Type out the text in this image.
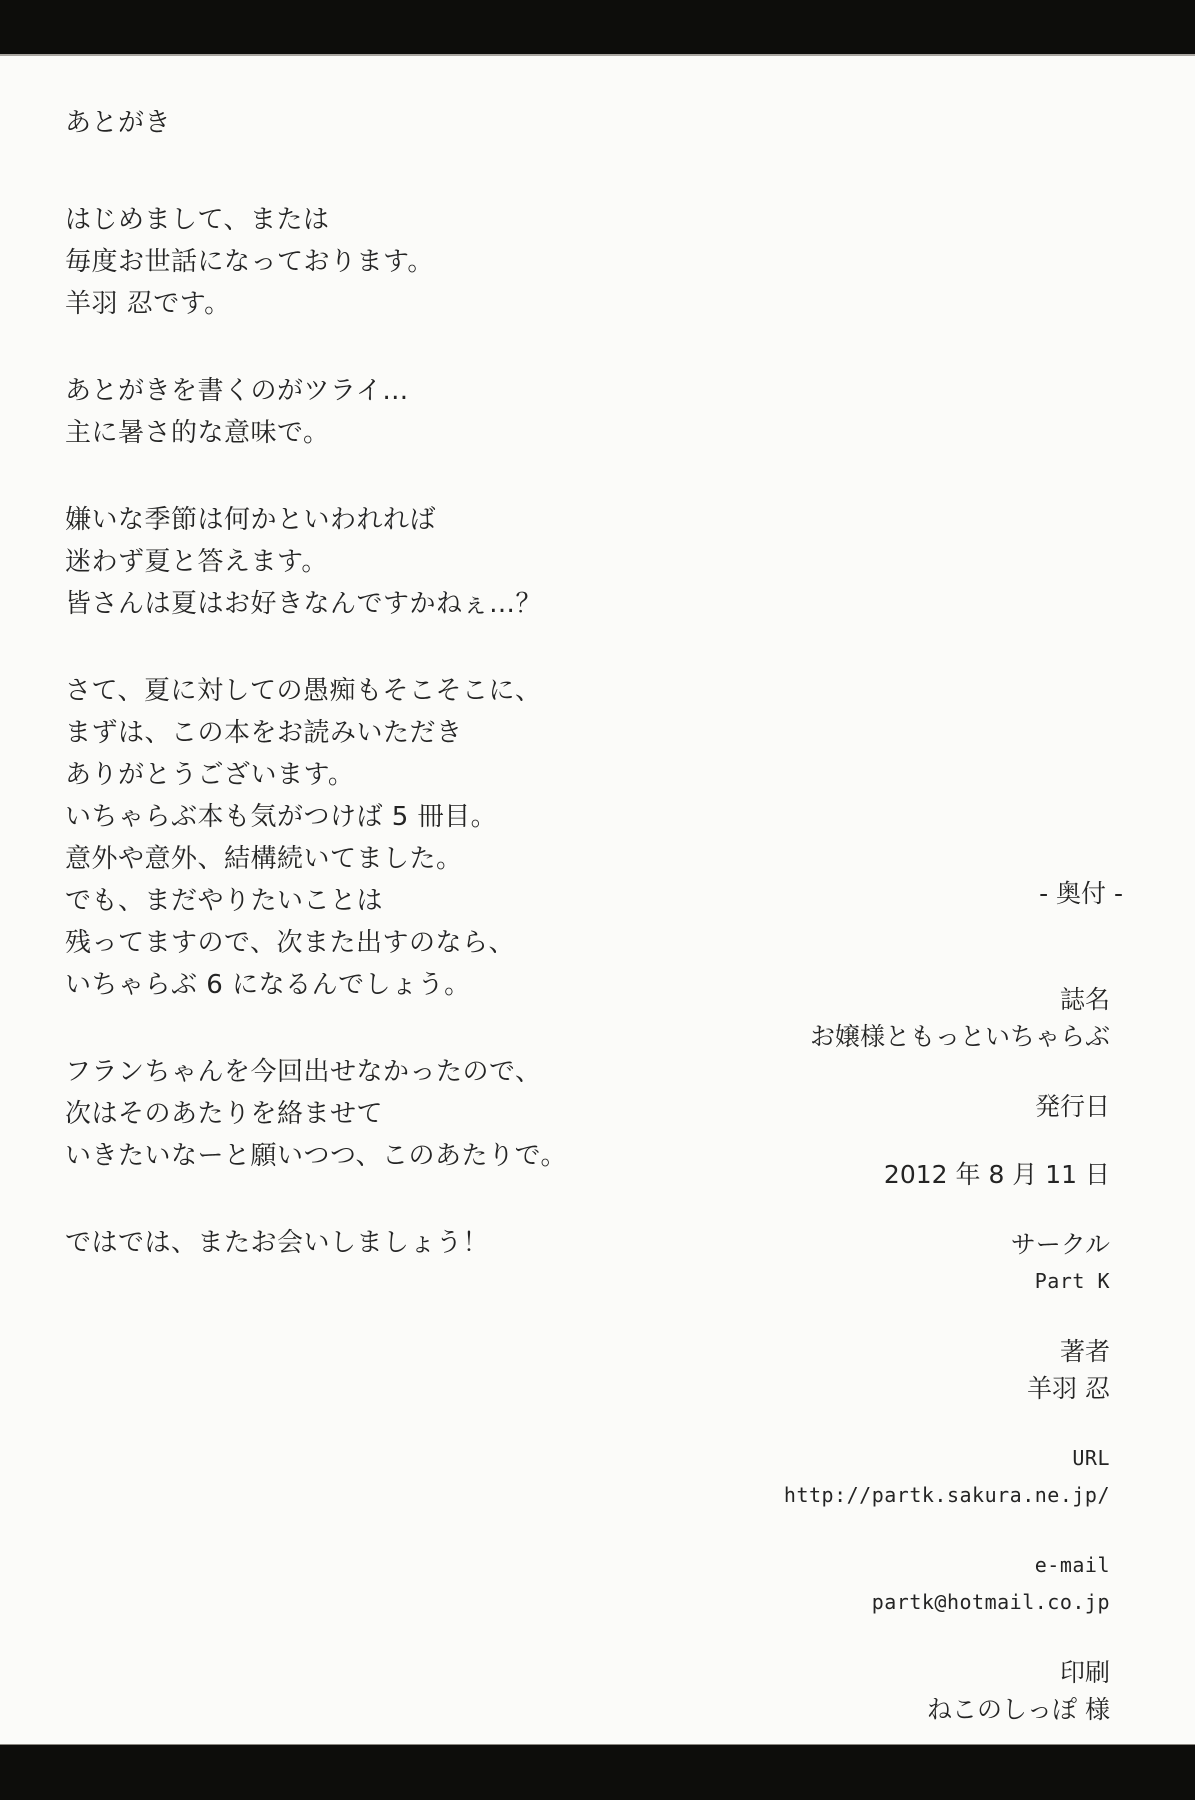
あとがき
はじめまして、または
毎度お世話になっております。
羊羽 忍です。
あとがきを書くのがツライ…
主に暑さ的な意味で。
嫌いな季節は何かといわれれば
迷わず夏と答えます。
皆さんは夏はお好きなんですかねぇ…？
さて、夏に対しての愚痴もそこそこに、
まずは、この本をお読みいただき
ありがとうございます。
いちゃらぶ本も気がつけば 5 冊目。
意外や意外、結構続いてました。
でも、まだやりたいことは
残ってますので、次また出すのなら、
いちゃらぶ 6 になるんでしょう。
フランちゃんを今回出せなかったので、
次はそのあたりを絡ませて
いきたいなーと願いつつ、このあたりで。
ではでは、またお会いしましょう！
- 奥付 -
誌名
お嬢様ともっといちゃらぶ
発行日
2012 年 8 月 11 日
サークル
Part K
著者
羊羽 忍
URL
http://partk.sakura.ne.jp/
e-mail
partk@hotmail.co.jp
印刷
ねこのしっぽ 様
